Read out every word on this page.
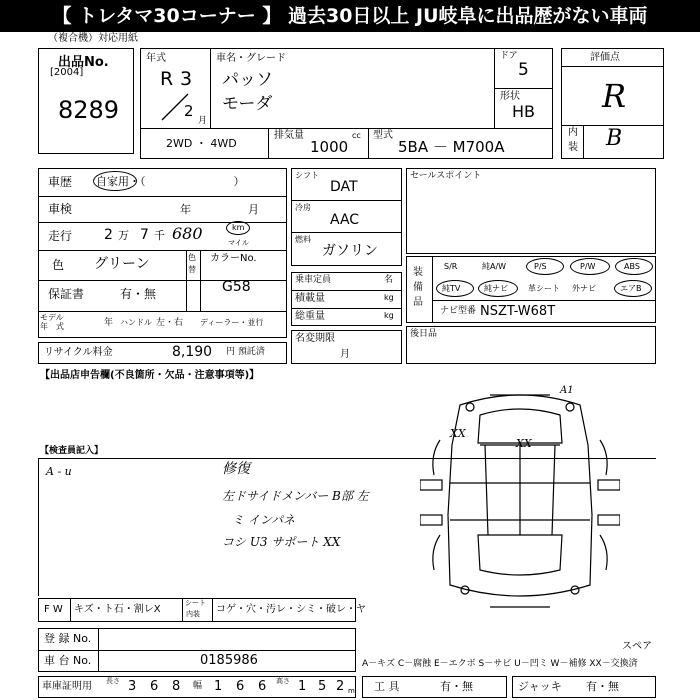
【 トレタマ30コーナー 】 過去30日以上 JU岐阜に出品歴がない車両
（複合機）対応用紙
出品No.
[2004]
8289
年式
R 3
2
月
車名・グレード
パッソ
モーダ
ドア
5
形状
HB
2WD ・ 4WD
排気量
1000
cc 型式
5BA － M700A
評価点
R
内
装 B
車歴 自家用・（　　　　　　　　）
車検	年	月
走行 2 万 7 千 680	km
マイル
色 グリーン	色
替
カラーNo.
G58
保証書	有・無
モデル
年　式	年 ハンドル 左・右 ディーラー・並行
リサイクル料金	8,190 円 預託済
シフト
DAT
冷房
AAC
燃料
ガソリン
乗車定員	名
積載量	kg
総重量	kg
名変期限
月
セールスポイント
装
備
品
S/R	純A/W	P/S	P/W	ABS
純TV	純ナビ	革シート 外ナビ	エアB
ナビ型番 NSZT-W68T
後日品
【出品店申告欄(不良箇所・欠品・注意事項等)】
【検査員記入】
A - u	修復
左ドサイドメンバー B部 左
ミ インパネ
コシ U3 サポート XX
XX
XX
A1
スペア
F W キズ・ト石・割レX
シート
内装 コゲ・穴・汚レ・シミ・破レ・ヤ
登 録 No.
車 台 No.	0185986	A－キズ C－腐蝕 E－エクボ S－サビ U－凹ミ W－補修 XX－交換済
車庫証明用 長さ 3 6 8 幅 1 6 6 高さ 1 5 2 m 工 具	有・無	ジャッキ 有・無
